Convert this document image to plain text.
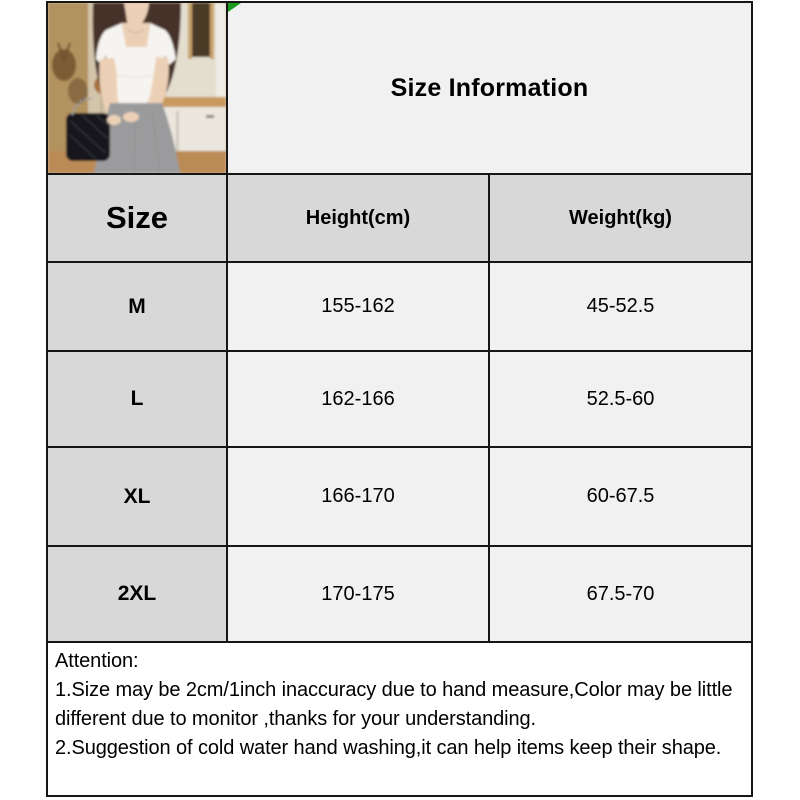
Size Information
Size	Height(cm)	Weight(kg)
M	155-162	45-52.5
L	162-166	52.5-60
XL	166-170	60-67.5
2XL	170-175	67.5-70

Attention:

1.Size may be 2cm/1inch inaccuracy due to hand measure,Color may be little different due to monitor ,thanks for your understanding.

2.Suggestion of cold water hand washing,it can help items keep their shape.
